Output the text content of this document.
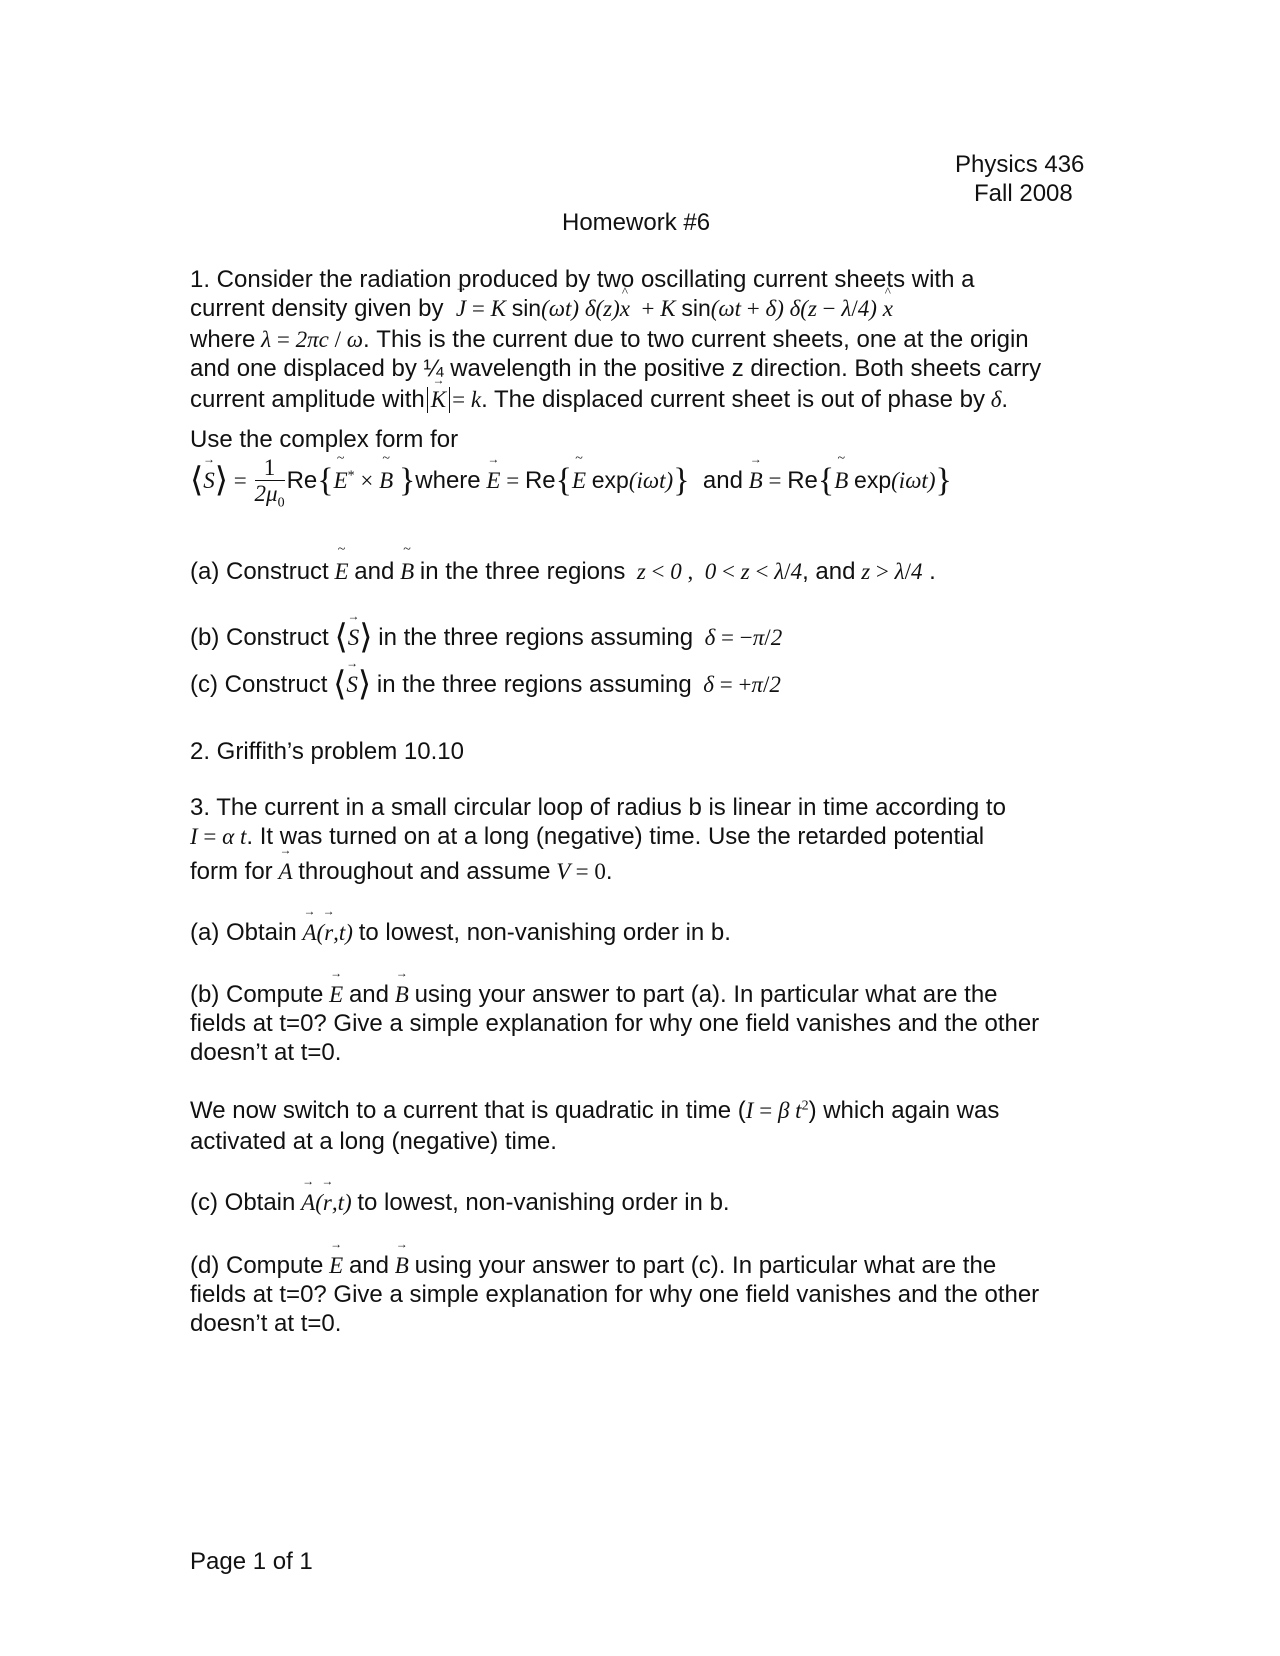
Physics 436
Fall 2008
Homework #6
1. Consider the radiation produced by two oscillating current sheets with a
current density given by → J = K sin(ωt) δ(z)^ x + K sin(ωt + δ) δ(z − λ/4) ^ x
where λ = 2πc / ω. This is the current due to two current sheets, one at the origin
and one displaced by ¼ wavelength in the positive z direction. Both sheets carry
current amplitude with → K = k. The displaced current sheet is out of phase by δ.
Use the complex form for
⟨→ S⟩ = $\frac{1}{2\mu_0}$ Re{~ E* × ~ B }where → E = Re{~ E exp(iωt)} and → B = Re{~ B exp(iωt)}
(a) Construct ~ E and ~ B in the three regions  z < 0 ,  0 < z < λ/4, and z > λ/4 .
(b) Construct ⟨→ S⟩ in the three regions assuming  δ = −π/2
(c) Construct ⟨→ S⟩ in the three regions assuming  δ = +π/2
2. Griffith’s problem 10.10
3. The current in a small circular loop of radius b is linear in time according to
I = α t. It was turned on at a long (negative) time. Use the retarded potential
form for → A throughout and assume V = 0.
(a) Obtain → A(→ r,t) to lowest, non-vanishing order in b.
(b) Compute → E and → B using your answer to part (a). In particular what are the
fields at t=0? Give a simple explanation for why one field vanishes and the other
doesn’t at t=0.
We now switch to a current that is quadratic in time (I = β $t^2$) which again was
activated at a long (negative) time.
(c) Obtain → A(→ r,t) to lowest, non-vanishing order in b.
(d) Compute → E and → B using your answer to part (c). In particular what are the
fields at t=0? Give a simple explanation for why one field vanishes and the other
doesn’t at t=0.
Page 1 of 1
